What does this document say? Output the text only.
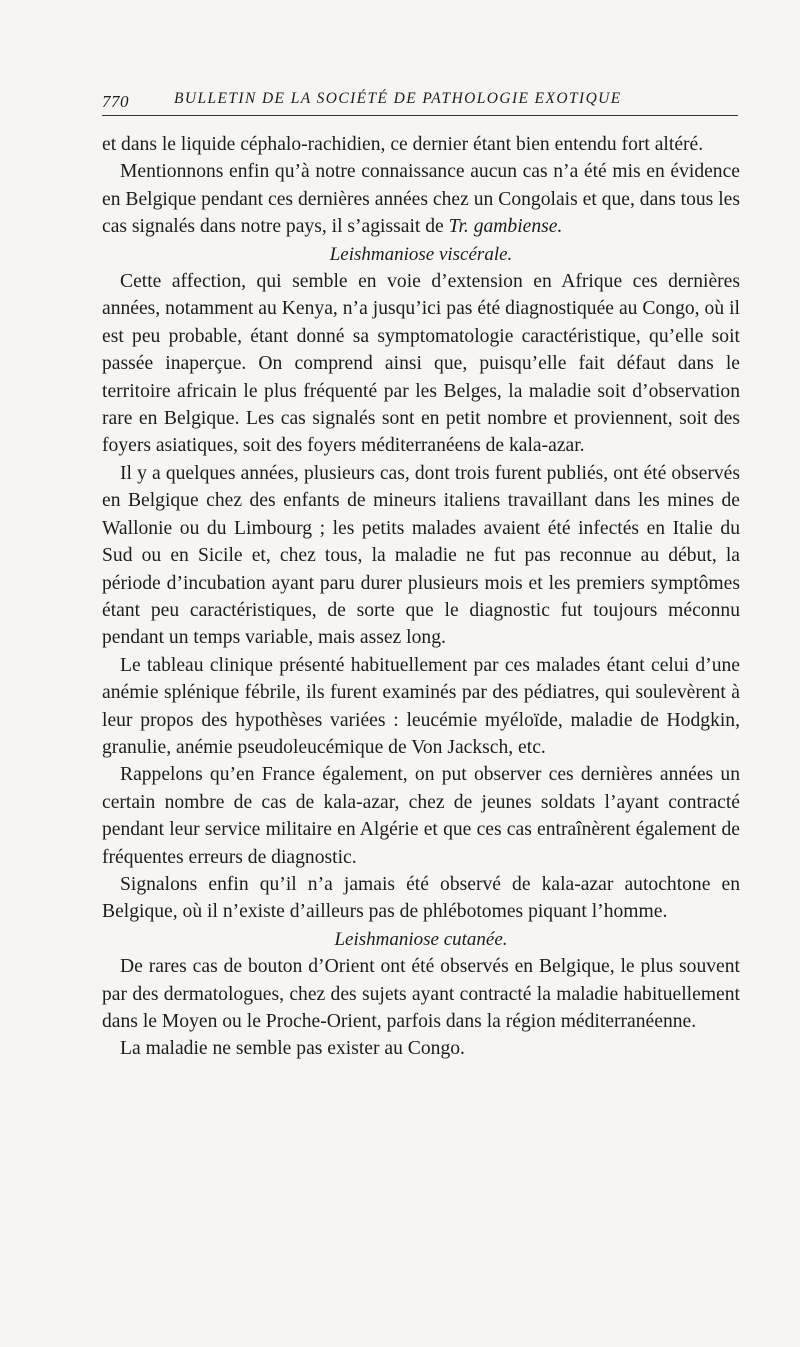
770	BULLETIN DE LA SOCIÉTÉ DE PATHOLOGIE EXOTIQUE

et dans le liquide céphalo-rachidien, ce dernier étant bien entendu fort altéré.

Mentionnons enfin qu’à notre connaissance aucun cas n’a été mis en évidence en Belgique pendant ces dernières années chez un Congolais et que, dans tous les cas signalés dans notre pays, il s’agissait de Tr. gambiense.

Leishmaniose viscérale.

Cette affection, qui semble en voie d’extension en Afrique ces dernières années, notamment au Kenya, n’a jusqu’ici pas été diagnostiquée au Congo, où il est peu probable, étant donné sa symptomatologie caractéristique, qu’elle soit passée inaperçue. On comprend ainsi que, puisqu’elle fait défaut dans le territoire africain le plus fréquenté par les Belges, la maladie soit d’observation rare en Belgique. Les cas signalés sont en petit nombre et proviennent, soit des foyers asiatiques, soit des foyers méditerranéens de kala-azar.

Il y a quelques années, plusieurs cas, dont trois furent publiés, ont été observés en Belgique chez des enfants de mineurs italiens travaillant dans les mines de Wallonie ou du Limbourg ; les petits malades avaient été infectés en Italie du Sud ou en Sicile et, chez tous, la maladie ne fut pas reconnue au début, la période d’incubation ayant paru durer plusieurs mois et les premiers symptômes étant peu caractéristiques, de sorte que le diagnostic fut toujours méconnu pendant un temps variable, mais assez long.

Le tableau clinique présenté habituellement par ces malades étant celui d’une anémie splénique fébrile, ils furent examinés par des pédiatres, qui soulevèrent à leur propos des hypothèses variées : leucémie myéloïde, maladie de Hodgkin, granulie, anémie pseudoleucémique de Von Jacksch, etc.

Rappelons qu’en France également, on put observer ces dernières années un certain nombre de cas de kala-azar, chez de jeunes soldats l’ayant contracté pendant leur service militaire en Algérie et que ces cas entraînèrent également de fréquentes erreurs de diagnostic.

Signalons enfin qu’il n’a jamais été observé de kala-azar autochtone en Belgique, où il n’existe d’ailleurs pas de phlébotomes piquant l’homme.

Leishmaniose cutanée.

De rares cas de bouton d’Orient ont été observés en Belgique, le plus souvent par des dermatologues, chez des sujets ayant contracté la maladie habituellement dans le Moyen ou le Proche-Orient, parfois dans la région méditerranéenne.

La maladie ne semble pas exister au Congo.
